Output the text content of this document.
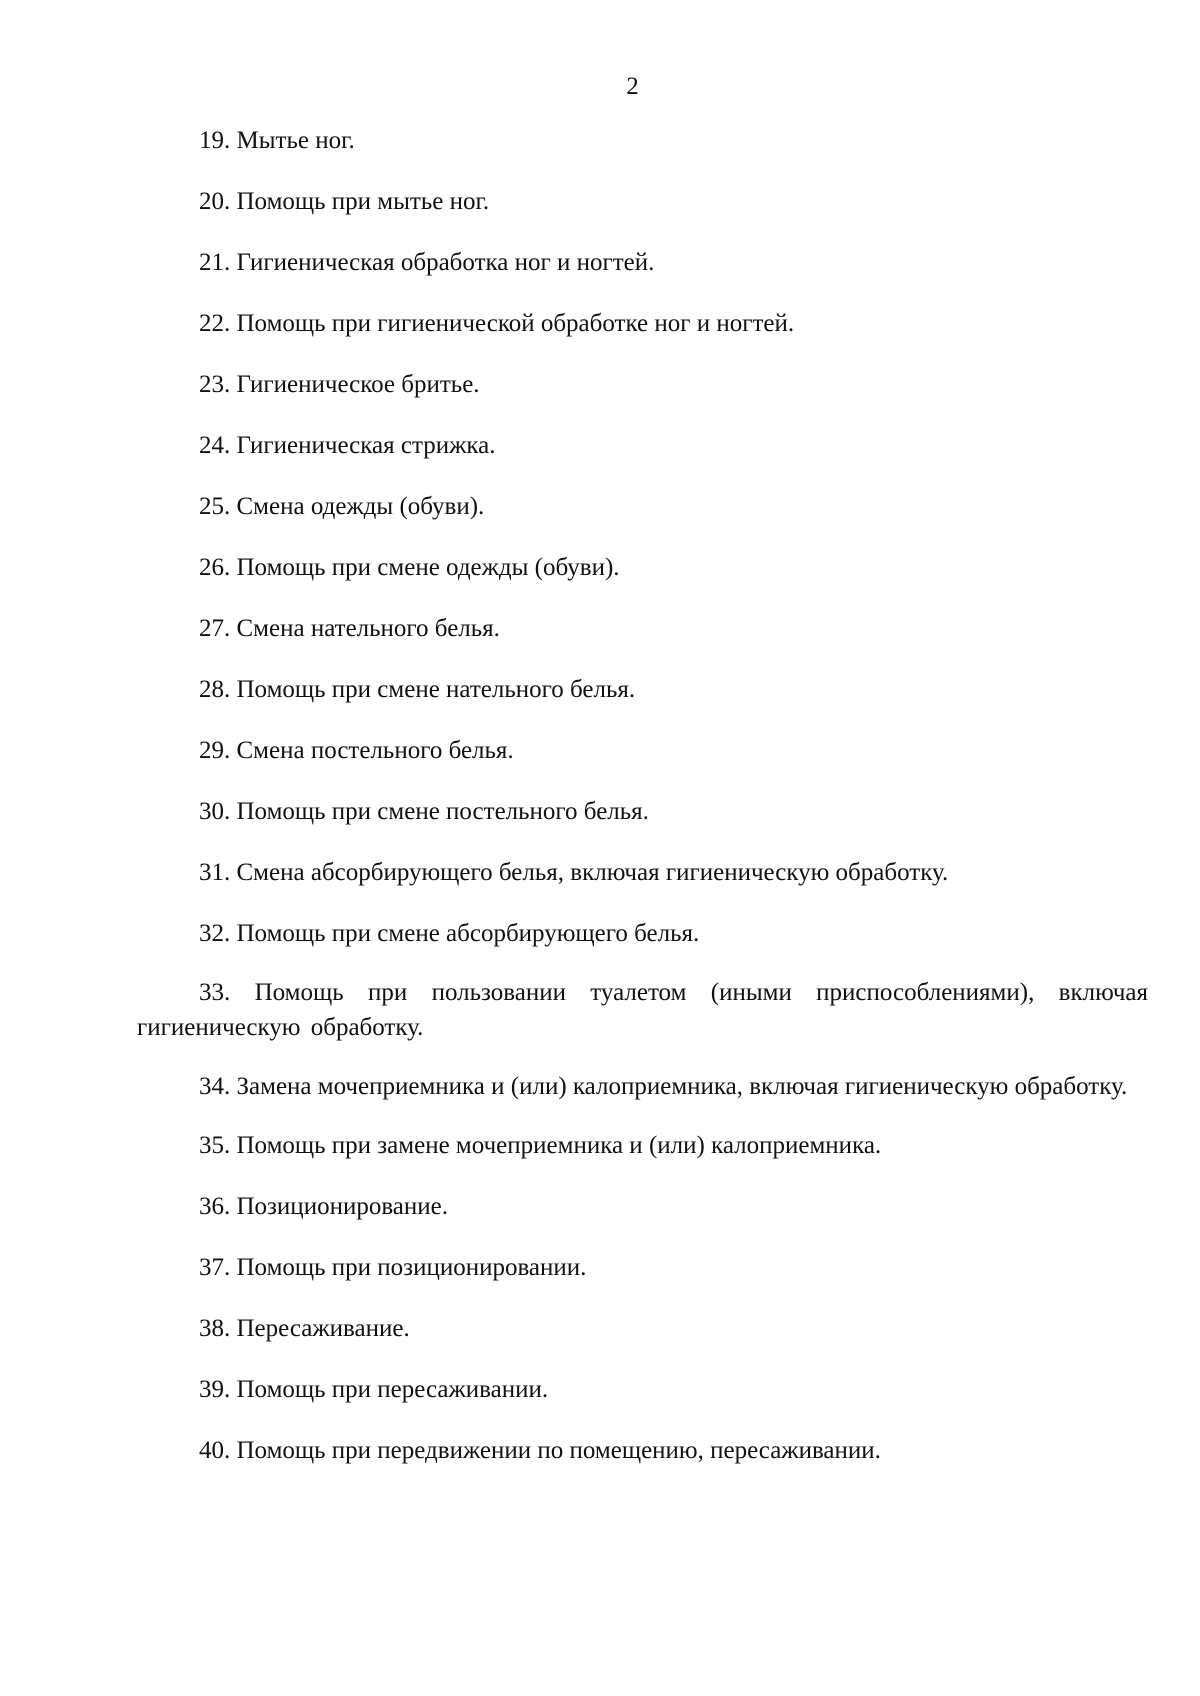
2

19. Мытье ног.

20. Помощь при мытье ног.

21. Гигиеническая обработка ног и ногтей.

22. Помощь при гигиенической обработке ног и ногтей.

23. Гигиеническое бритье.

24. Гигиеническая стрижка.

25. Смена одежды (обуви).

26. Помощь при смене одежды (обуви).

27. Смена нательного белья.

28. Помощь при смене нательного белья.

29. Смена постельного белья.

30. Помощь при смене постельного белья.

31. Смена абсорбирующего белья, включая гигиеническую обработку.

32. Помощь при смене абсорбирующего белья.

33. Помощь при пользовании туалетом (иными приспособлениями), включая гигиеническую обработку.

34. Замена мочеприемника и (или) калоприемника, включая гигиеническую обработку.

35. Помощь при замене мочеприемника и (или) калоприемника.

36. Позиционирование.

37. Помощь при позиционировании.

38. Пересаживание.

39. Помощь при пересаживании.

40. Помощь при передвижении по помещению, пересаживании.
